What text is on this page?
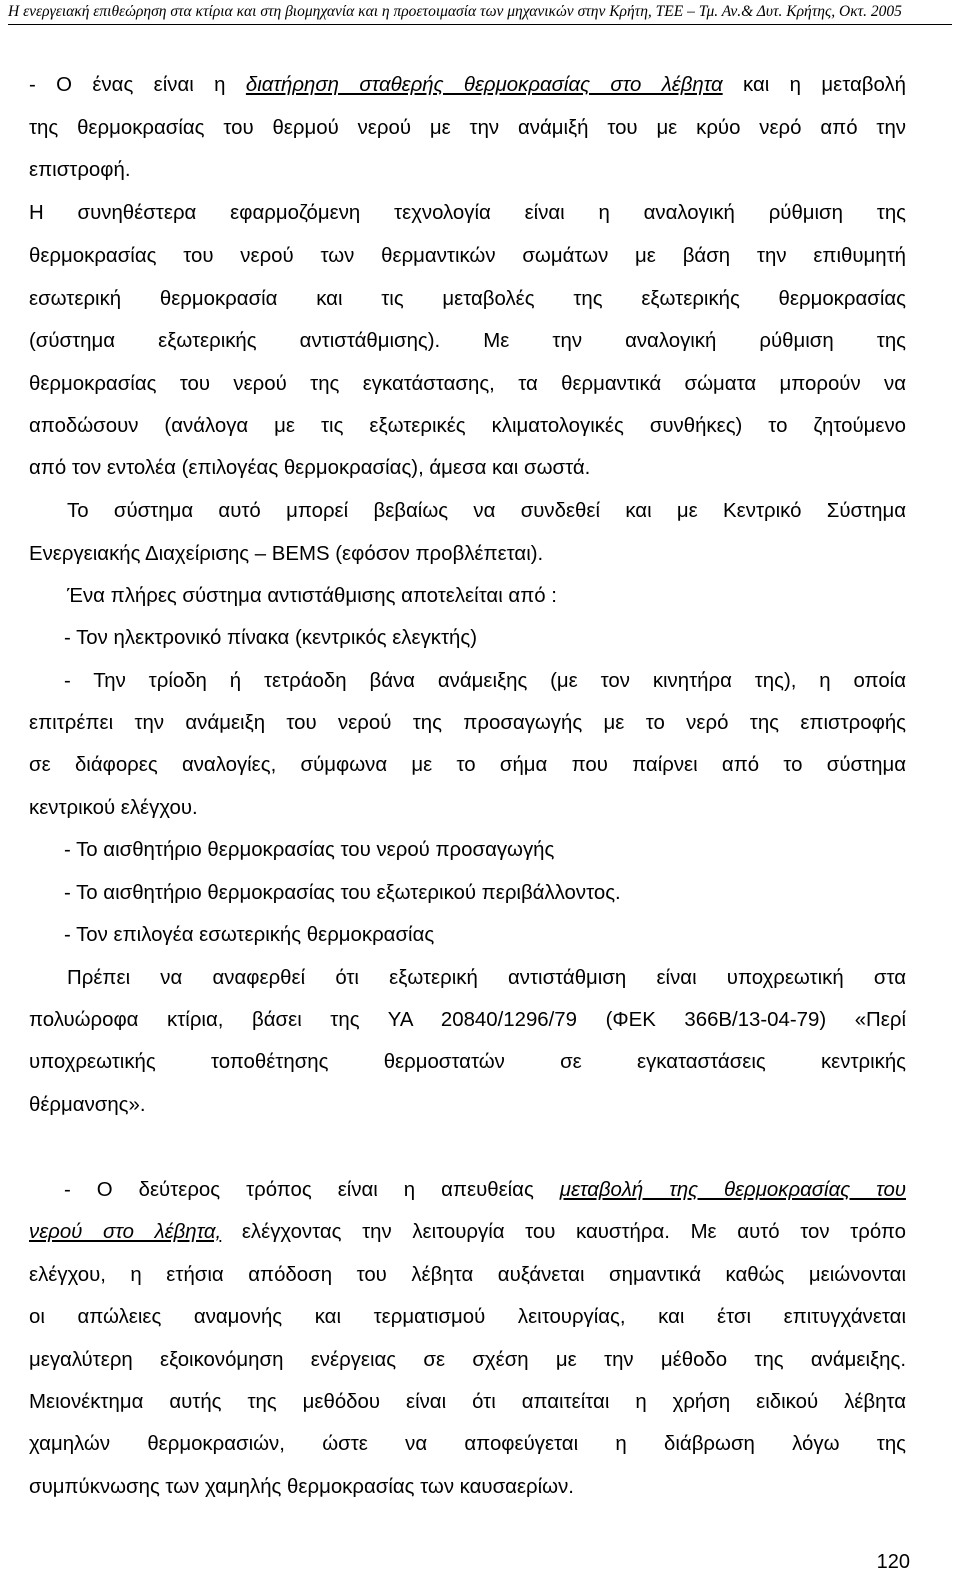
Η ενεργειακή επιθεώρηση στα κτίρια και στη βιομηχανία και η προετοιμασία των μηχανικών στην Κρήτη, ΤΕΕ – Τμ. Αν.& Δυτ. Κρήτης, Οκτ. 2005
- Ο ένας είναι η διατήρηση σταθερής θερμοκρασίας στο λέβητα και η μεταβολή
της θερμοκρασίας του θερμού νερού με την ανάμιξή του με κρύο νερό από την
επιστροφή.
Η συνηθέστερα εφαρμοζόμενη τεχνολογία είναι η αναλογική ρύθμιση της
θερμοκρασίας του νερού των θερμαντικών σωμάτων με βάση την επιθυμητή
εσωτερική θερμοκρασία και τις μεταβολές της εξωτερικής θερμοκρασίας
(σύστημα εξωτερικής αντιστάθμισης). Με την αναλογική ρύθμιση της
θερμοκρασίας του νερού της εγκατάστασης, τα θερμαντικά σώματα μπορούν να
αποδώσουν (ανάλογα με τις εξωτερικές κλιματολογικές συνθήκες) το ζητούμενο
από τον εντολέα (επιλογέας θερμοκρασίας), άμεσα και σωστά.
Το σύστημα αυτό μπορεί βεβαίως να συνδεθεί και με Κεντρικό Σύστημα
Ενεργειακής Διαχείρισης – BEMS (εφόσον προβλέπεται).
Ένα πλήρες σύστημα αντιστάθμισης αποτελείται από :
- Τον ηλεκτρονικό πίνακα (κεντρικός ελεγκτής)
- Την τρίοδη ή τετράοδη βάνα ανάμειξης (με τον κινητήρα της), η οποία
επιτρέπει την ανάμειξη του νερού της προσαγωγής με το νερό της επιστροφής
σε διάφορες αναλογίες, σύμφωνα με το σήμα που παίρνει από το σύστημα
κεντρικού ελέγχου.
- Το αισθητήριο θερμοκρασίας του νερού προσαγωγής
- Το αισθητήριο θερμοκρασίας του εξωτερικού περιβάλλοντος.
- Τον επιλογέα εσωτερικής θερμοκρασίας
Πρέπει να αναφερθεί ότι εξωτερική αντιστάθμιση είναι υποχρεωτική στα
πολυώροφα κτίρια, βάσει της ΥΑ 20840/1296/79 (ΦΕΚ 366Β/13-04-79) «Περί
υποχρεωτικής τοποθέτησης θερμοστατών σε εγκαταστάσεις κεντρικής
θέρμανσης».
- Ο δεύτερος τρόπος είναι η απευθείας μεταβολή της θερμοκρασίας του
νερού στο λέβητα, ελέγχοντας την λειτουργία του καυστήρα. Με αυτό τον τρόπο
ελέγχου, η ετήσια απόδοση του λέβητα αυξάνεται σημαντικά καθώς μειώνονται
οι απώλειες αναμονής και τερματισμού λειτουργίας, και έτσι επιτυγχάνεται
μεγαλύτερη εξοικονόμηση ενέργειας σε σχέση με την μέθοδο της ανάμειξης.
Μειονέκτημα αυτής της μεθόδου είναι ότι απαιτείται η χρήση ειδικού λέβητα
χαμηλών θερμοκρασιών, ώστε να αποφεύγεται η διάβρωση λόγω της
συμπύκνωσης των χαμηλής θερμοκρασίας των καυσαερίων.
120
